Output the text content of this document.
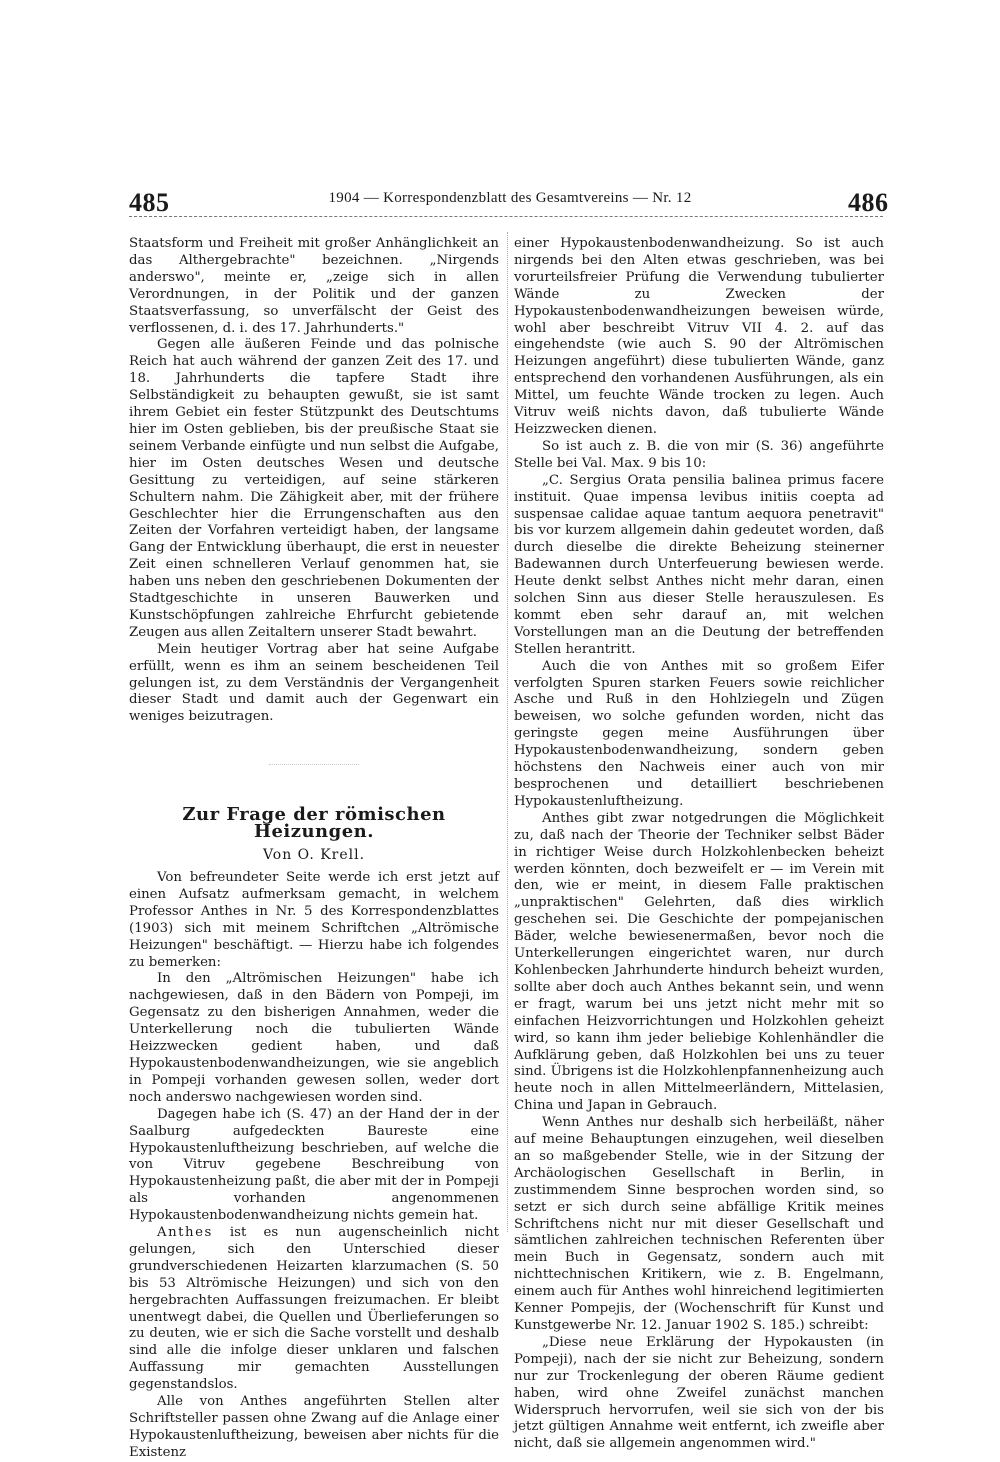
485	1904 — Korrespondenzblatt des Gesamtvereins — Nr. 12	486

Staatsform und Freiheit mit großer Anhänglichkeit an das Althergebrachte" bezeichnen. „Nirgends anderswo", meinte er, „zeige sich in allen Verordnungen, in der Politik und der ganzen Staatsverfassung, so unverfälscht der Geist des verflossenen, d. i. des 17. Jahrhunderts."

Gegen alle äußeren Feinde und das polnische Reich hat auch während der ganzen Zeit des 17. und 18. Jahrhunderts die tapfere Stadt ihre Selbständigkeit zu behaupten gewußt, sie ist samt ihrem Gebiet ein fester Stützpunkt des Deutschtums hier im Osten geblieben, bis der preußische Staat sie seinem Verbande einfügte und nun selbst die Aufgabe, hier im Osten deutsches Wesen und deutsche Gesittung zu verteidigen, auf seine stärkeren Schultern nahm. Die Zähigkeit aber, mit der frühere Geschlechter hier die Errungenschaften aus den Zeiten der Vorfahren verteidigt haben, der langsame Gang der Entwicklung überhaupt, die erst in neuester Zeit einen schnelleren Verlauf genommen hat, sie haben uns neben den geschriebenen Dokumenten der Stadtgeschichte in unseren Bauwerken und Kunstschöpfungen zahlreiche Ehrfurcht gebietende Zeugen aus allen Zeitaltern unserer Stadt bewahrt.

Mein heutiger Vortrag aber hat seine Aufgabe erfüllt, wenn es ihm an seinem bescheidenen Teil gelungen ist, zu dem Verständnis der Vergangenheit dieser Stadt und damit auch der Gegenwart ein weniges beizutragen.

Zur Frage der römischen Heizungen.
Von O. Krell.

Von befreundeter Seite werde ich erst jetzt auf einen Aufsatz aufmerksam gemacht, in welchem Professor Anthes in Nr. 5 des Korrespondenzblattes (1903) sich mit meinem Schriftchen „Altrömische Heizungen" beschäftigt. — Hierzu habe ich folgendes zu bemerken:

In den „Altrömischen Heizungen" habe ich nachgewiesen, daß in den Bädern von Pompeji, im Gegensatz zu den bisherigen Annahmen, weder die Unterkellerung noch die tubulierten Wände Heizzwecken gedient haben, und daß Hypokaustenbodenwandheizungen, wie sie angeblich in Pompeji vorhanden gewesen sollen, weder dort noch anderswo nachgewiesen worden sind.

Dagegen habe ich (S. 47) an der Hand der in der Saalburg aufgedeckten Baureste eine Hypokaustenluftheizung beschrieben, auf welche die von Vitruv gegebene Beschreibung von Hypokaustenheizung paßt, die aber mit der in Pompeji als vorhanden angenommenen Hypokaustenbodenwandheizung nichts gemein hat.

Anthes ist es nun augenscheinlich nicht gelungen, sich den Unterschied dieser grundverschiedenen Heizarten klarzumachen (S. 50 bis 53 Altrömische Heizungen) und sich von den hergebrachten Auffassungen freizumachen. Er bleibt unentwegt dabei, die Quellen und Überlieferungen so zu deuten, wie er sich die Sache vorstellt und deshalb sind alle die infolge dieser unklaren und falschen Auffassung mir gemachten Ausstellungen gegenstandslos.

Alle von Anthes angeführten Stellen alter Schriftsteller passen ohne Zwang auf die Anlage einer Hypokaustenluftheizung, beweisen aber nichts für die Existenz

einer Hypokaustenbodenwandheizung. So ist auch nirgends bei den Alten etwas geschrieben, was bei vorurteilsfreier Prüfung die Verwendung tubulierter Wände zu Zwecken der Hypokaustenbodenwandheizungen beweisen würde, wohl aber beschreibt Vitruv VII 4. 2. auf das eingehendste (wie auch S. 90 der Altrömischen Heizungen angeführt) diese tubulierten Wände, ganz entsprechend den vorhandenen Ausführungen, als ein Mittel, um feuchte Wände trocken zu legen. Auch Vitruv weiß nichts davon, daß tubulierte Wände Heizzwecken dienen.

So ist auch z. B. die von mir (S. 36) angeführte Stelle bei Val. Max. 9 bis 10:

„C. Sergius Orata pensilia balinea primus facere instituit. Quae impensa levibus initiis coepta ad suspensae calidae aquae tantum aequora penetravit" bis vor kurzem allgemein dahin gedeutet worden, daß durch dieselbe die direkte Beheizung steinerner Badewannen durch Unterfeuerung bewiesen werde. Heute denkt selbst Anthes nicht mehr daran, einen solchen Sinn aus dieser Stelle herauszulesen. Es kommt eben sehr darauf an, mit welchen Vorstellungen man an die Deutung der betreffenden Stellen herantritt.

Auch die von Anthes mit so großem Eifer verfolgten Spuren starken Feuers sowie reichlicher Asche und Ruß in den Hohlziegeln und Zügen beweisen, wo solche gefunden worden, nicht das geringste gegen meine Ausführungen über Hypokaustenbodenwandheizung, sondern geben höchstens den Nachweis einer auch von mir besprochenen und detailliert beschriebenen Hypokaustenluftheizung.

Anthes gibt zwar notgedrungen die Möglichkeit zu, daß nach der Theorie der Techniker selbst Bäder in richtiger Weise durch Holzkohlenbecken beheizt werden könnten, doch bezweifelt er — im Verein mit den, wie er meint, in diesem Falle praktischen „unpraktischen" Gelehrten, daß dies wirklich geschehen sei. Die Geschichte der pompejanischen Bäder, welche bewiesenermaßen, bevor noch die Unterkellerungen eingerichtet waren, nur durch Kohlenbecken Jahrhunderte hindurch beheizt wurden, sollte aber doch auch Anthes bekannt sein, und wenn er fragt, warum bei uns jetzt nicht mehr mit so einfachen Heizvorrichtungen und Holzkohlen geheizt wird, so kann ihm jeder beliebige Kohlenhändler die Aufklärung geben, daß Holzkohlen bei uns zu teuer sind. Übrigens ist die Holzkohlenpfannenheizung auch heute noch in allen Mittelmeerländern, Mittelasien, China und Japan in Gebrauch.

Wenn Anthes nur deshalb sich herbeiläßt, näher auf meine Behauptungen einzugehen, weil dieselben an so maßgebender Stelle, wie in der Sitzung der Archäologischen Gesellschaft in Berlin, in zustimmendem Sinne besprochen worden sind, so setzt er sich durch seine abfällige Kritik meines Schriftchens nicht nur mit dieser Gesellschaft und sämtlichen zahlreichen technischen Referenten über mein Buch in Gegensatz, sondern auch mit nichttechnischen Kritikern, wie z. B. Engelmann, einem auch für Anthes wohl hinreichend legitimierten Kenner Pompejis, der (Wochenschrift für Kunst und Kunstgewerbe Nr. 12. Januar 1902 S. 185.) schreibt:

„Diese neue Erklärung der Hypokausten (in Pompeji), nach der sie nicht zur Beheizung, sondern nur zur Trockenlegung der oberen Räume gedient haben, wird ohne Zweifel zunächst manchen Widerspruch hervorrufen, weil sie sich von der bis jetzt gültigen Annahme weit entfernt, ich zweifle aber nicht, daß sie allgemein angenommen wird."
